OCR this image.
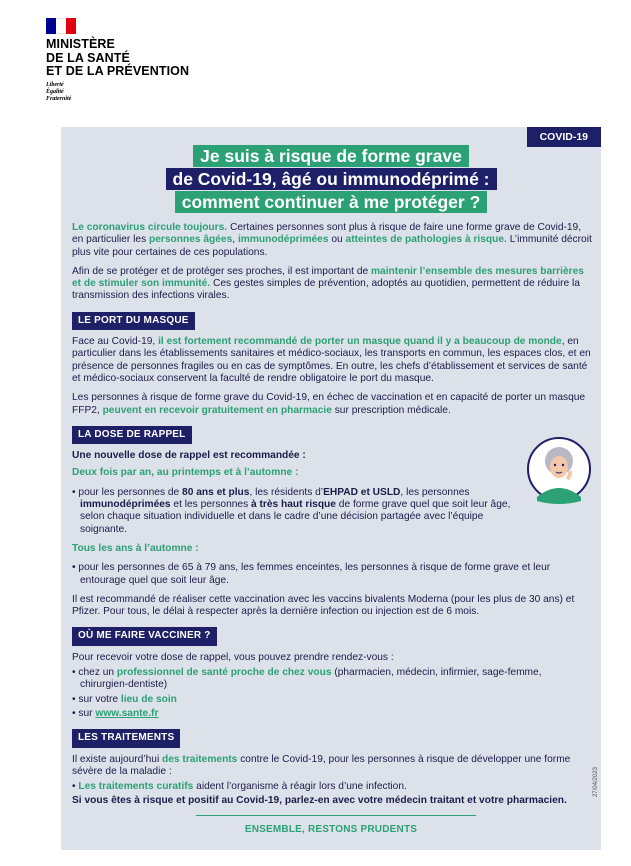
MINISTÈRE
DE LA SANTÉ
ET DE LA PRÉVENTION
Liberté
Égalité
Fraternité
COVID-19
Je suis à risque de forme grave
de Covid-19, âgé ou immunodéprimé :
comment continuer à me protéger ?

Le coronavirus circule toujours. Certaines personnes sont plus à risque de faire une forme grave de Covid-19, en particulier les personnes âgées, immunodéprimées ou atteintes de pathologies à risque. L’immunité décroit plus vite pour certaines de ces populations.

Afin de se protéger et de protéger ses proches, il est important de maintenir l’ensemble des mesures barrières et de stimuler son immunité. Ces gestes simples de prévention, adoptés au quotidien, permettent de réduire la transmission des infections virales.

LE PORT DU MASQUE

Face au Covid-19, il est fortement recommandé de porter un masque quand il y a beaucoup de monde, en particulier dans les établissements sanitaires et médico-sociaux, les transports en commun, les espaces clos, et en présence de personnes fragiles ou en cas de symptômes. En outre, les chefs d’établissement et services de santé et médico-sociaux conservent la faculté de rendre obligatoire le port du masque.

Les personnes à risque de forme grave du Covid-19, en échec de vaccination et en capacité de porter un masque FFP2, peuvent en recevoir gratuitement en pharmacie sur prescription médicale.

LA DOSE DE RAPPEL

Une nouvelle dose de rappel est recommandée :

Deux fois par an, au printemps et à l’automne :

• pour les personnes de 80 ans et plus, les résidents d’EHPAD et USLD, les personnes immunodéprimées et les personnes à très haut risque de forme grave quel que soit leur âge, selon chaque situation individuelle et dans le cadre d’une décision partagée avec l’équipe soignante.

Tous les ans à l’automne :

• pour les personnes de 65 à 79 ans, les femmes enceintes, les personnes à risque de forme grave et leur entourage quel que soit leur âge.

Il est recommandé de réaliser cette vaccination avec les vaccins bivalents Moderna (pour les plus de 30 ans) et Pfizer. Pour tous, le délai à respecter après la dernière infection ou injection est de 6 mois.

OÙ ME FAIRE VACCINER ?

Pour recevoir votre dose de rappel, vous pouvez prendre rendez-vous :

• chez un professionnel de santé proche de chez vous (pharmacien, médecin, infirmier, sage-femme, chirurgien-dentiste)

• sur votre lieu de soin

• sur www.sante.fr

LES TRAITEMENTS

Il existe aujourd’hui des traitements contre le Covid-19, pour les personnes à risque de développer une forme sévère de la maladie :

• Les traitements curatifs aident l’organisme à réagir lors d’une infection.

Si vous êtes à risque et positif au Covid-19, parlez-en avec votre médecin traitant et votre pharmacien.

ENSEMBLE, RESTONS PRUDENTS
27/04/2023
